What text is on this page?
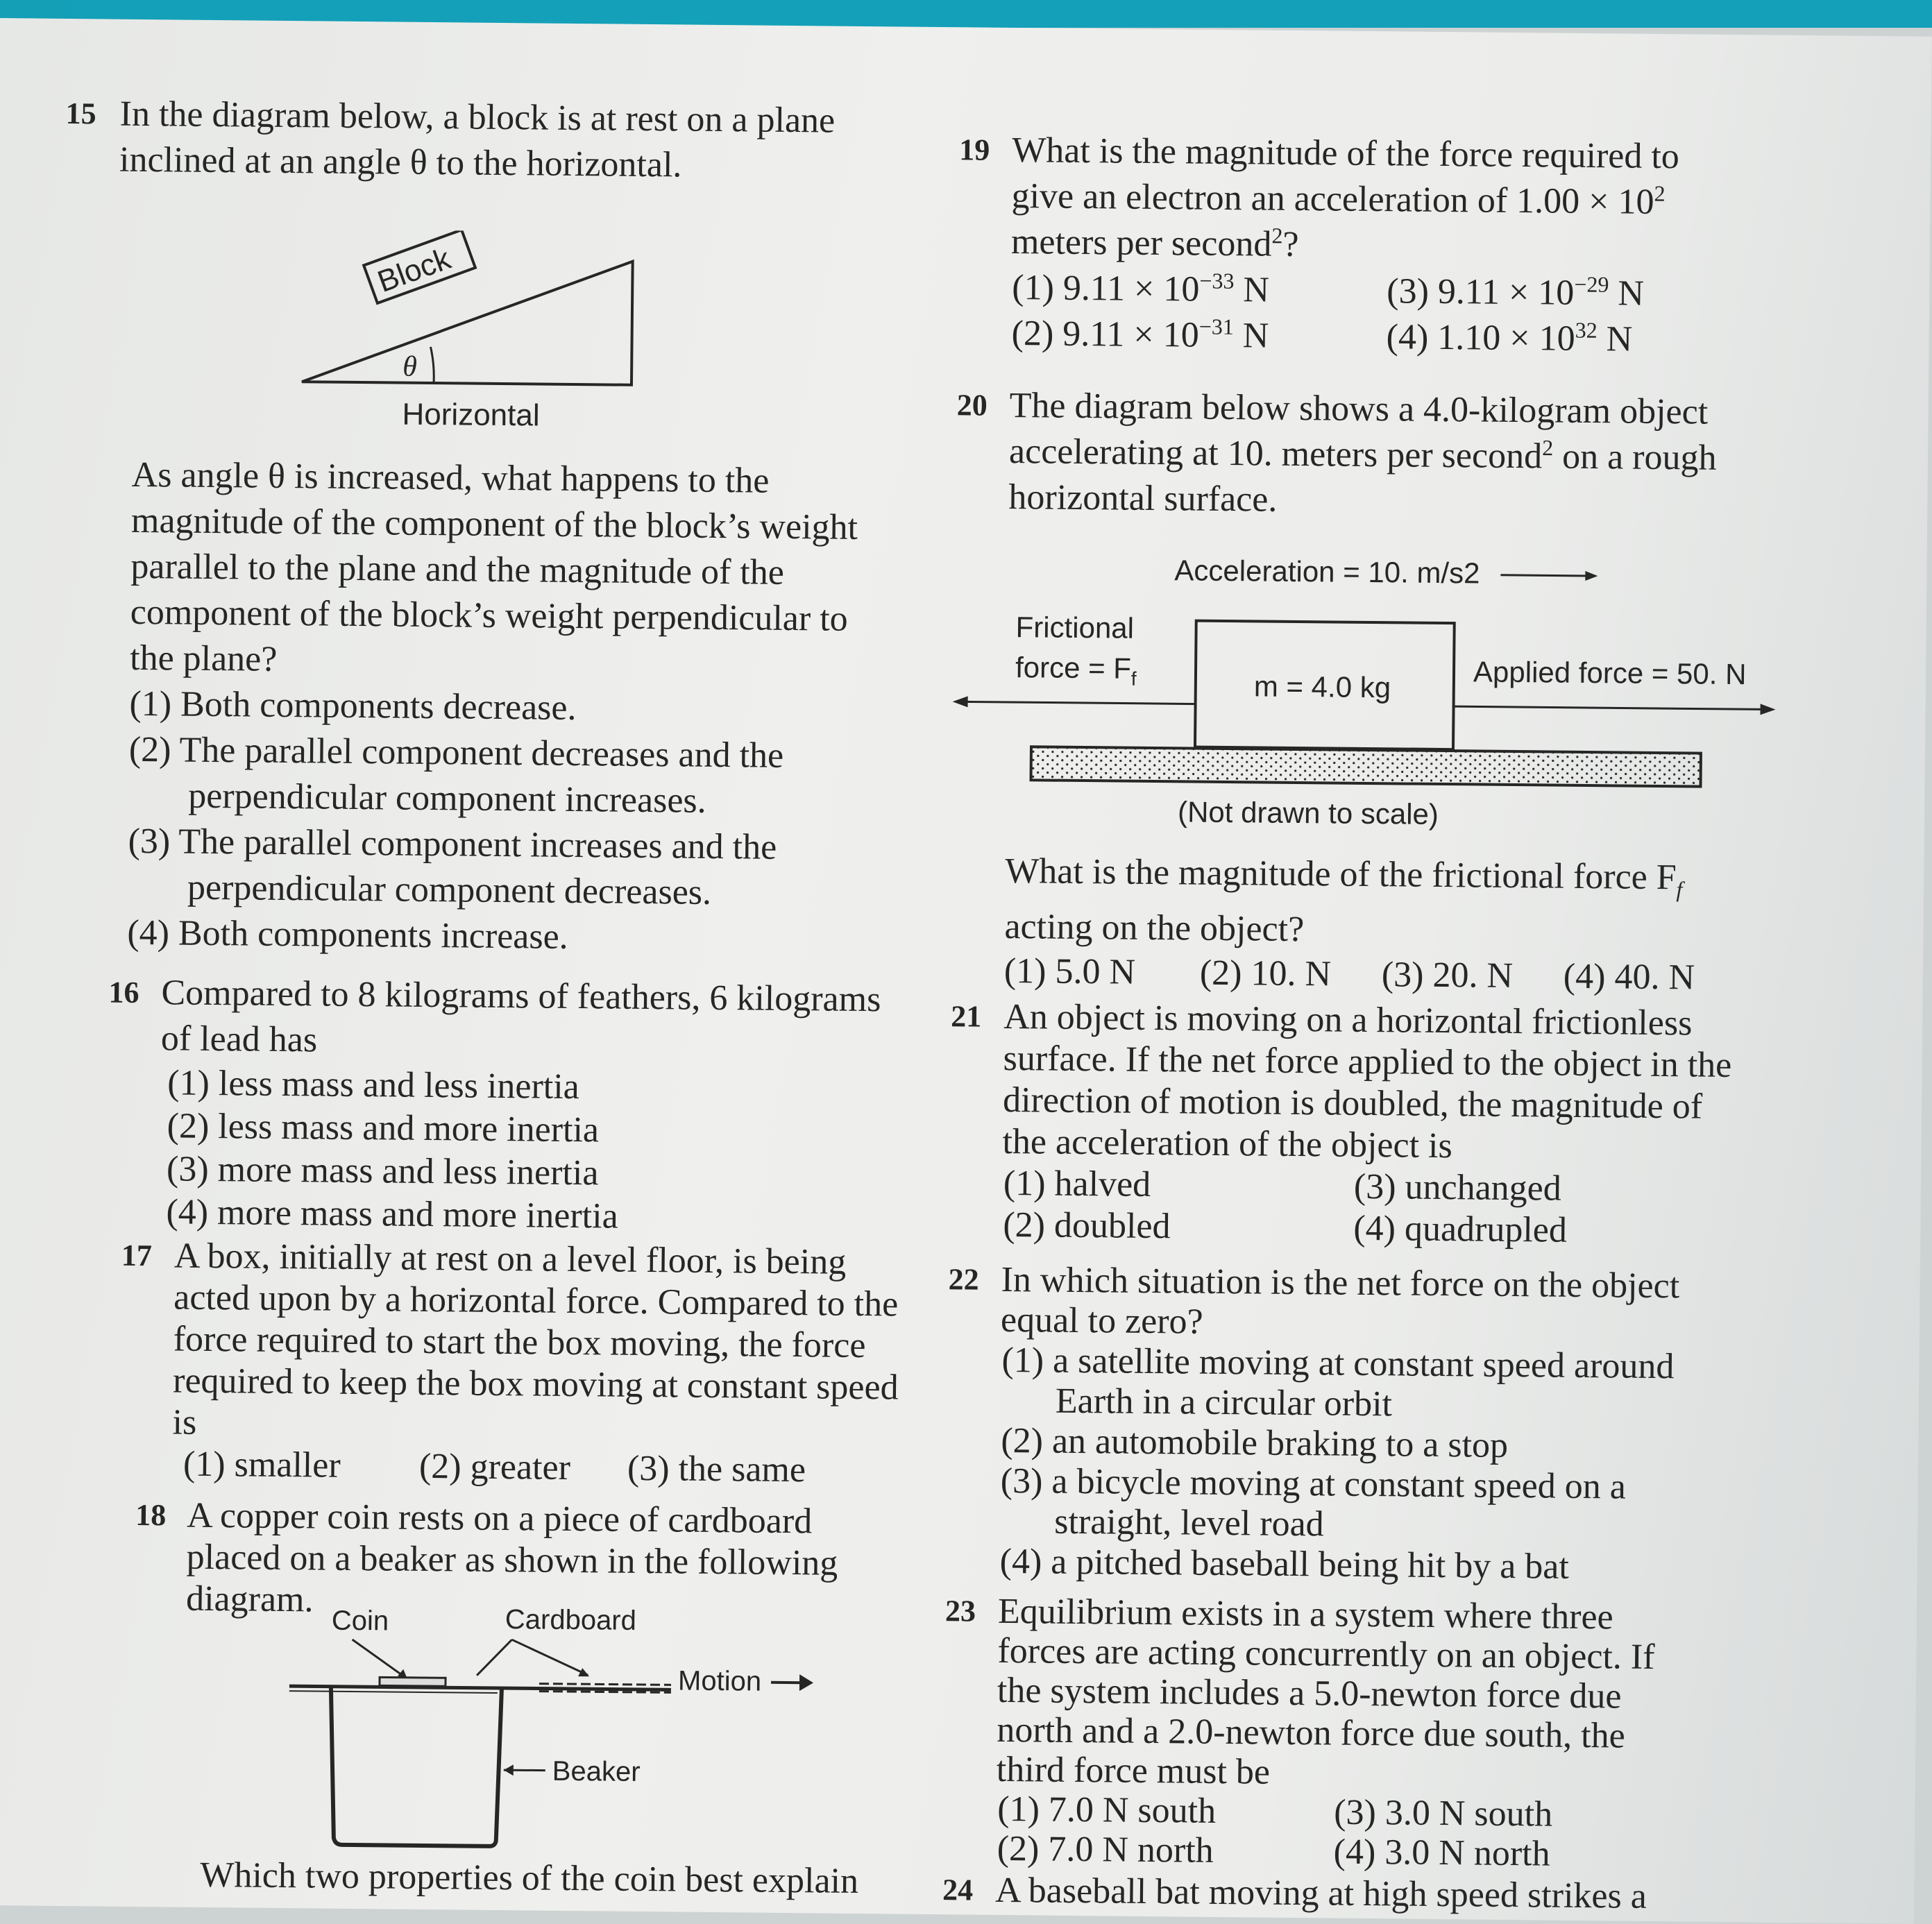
15 In the diagram below, a block is at rest on a plane inclined at an angle θ to the horizontal.
Block
θ
Horizontal
As angle θ is increased, what happens to the magnitude of the component of the block’s weight parallel to the plane and the magnitude of the component of the block’s weight perpendicular to the plane?
(1) Both components decrease.
(2) The parallel component decreases and the perpendicular component increases.
(3) The parallel component increases and the perpendicular component decreases.
(4) Both components increase.
16 Compared to 8 kilograms of feathers, 6 kilograms of lead has
(1) less mass and less inertia
(2) less mass and more inertia
(3) more mass and less inertia
(4) more mass and more inertia
17 A box, initially at rest on a level floor, is being acted upon by a horizontal force. Compared to the force required to start the box moving, the force required to keep the box moving at constant speed is
(1) smaller	(2) greater	(3) the same
18 A copper coin rests on a piece of cardboard placed on a beaker as shown in the following diagram.
Coin	Cardboard
Motion
Beaker
Which two properties of the coin best explain
19 What is the magnitude of the force required to give an electron an acceleration of $1.00 \times 10^2$ meters per second$^2$?
(1) $9.11 \times 10^{-33}$ N	(3) $9.11 \times 10^{-29}$ N
(2) $9.11 \times 10^{-31}$ N	(4) $1.10 \times 10^{32}$ N
20 The diagram below shows a 4.0-kilogram object accelerating at 10. meters per second$^2$ on a rough horizontal surface.
Acceleration = 10. m/s2
Frictional
force = $F_f$	m = 4.0 kg	Applied force = 50. N
(Not drawn to scale)
What is the magnitude of the frictional force $F_f$ acting on the object?
(1) 5.0 N	(2) 10. N	(3) 20. N	(4) 40. N
21 An object is moving on a horizontal frictionless surface. If the net force applied to the object in the direction of motion is doubled, the magnitude of the acceleration of the object is
(1) halved	(3) unchanged
(2) doubled	(4) quadrupled
22 In which situation is the net force on the object equal to zero?
(1) a satellite moving at constant speed around Earth in a circular orbit
(2) an automobile braking to a stop
(3) a bicycle moving at constant speed on a straight, level road
(4) a pitched baseball being hit by a bat
23 Equilibrium exists in a system where three forces are acting concurrently on an object. If the system includes a 5.0-newton force due north and a 2.0-newton force due south, the third force must be
(1) 7.0 N south	(3) 3.0 N south
(2) 7.0 N north	(4) 3.0 N north
24 A baseball bat moving at high speed strikes a
